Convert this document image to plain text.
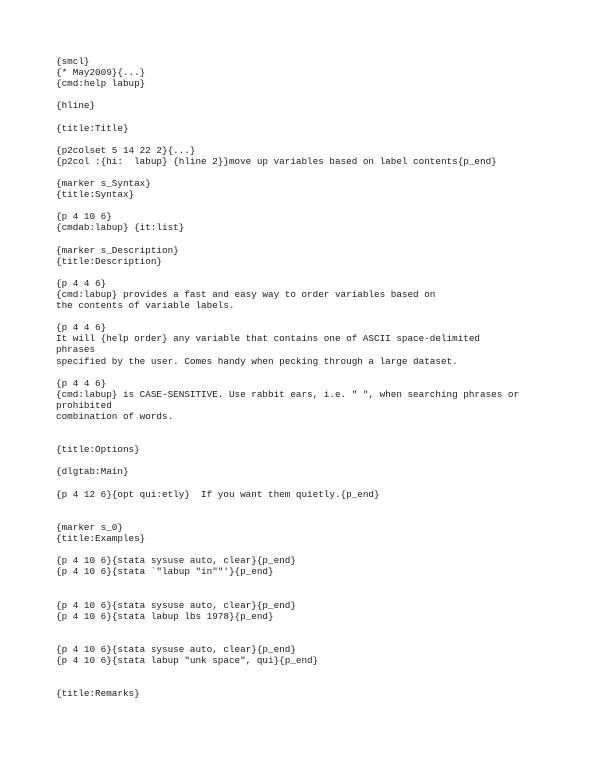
{smcl}
{* May2009}{...}
{cmd:help labup}
{hline}
{title:Title}
{p2colset 5 14 22 2}{...}
{p2col :{hi:  labup} {hline 2}}move up variables based on label contents{p_end}
{marker s_Syntax}
{title:Syntax}
{p 4 10 6}
{cmdab:labup} {it:list}
{marker s_Description}
{title:Description}
{p 4 4 6}
{cmd:labup} provides a fast and easy way to order variables based on
the contents of variable labels.
{p 4 4 6}
It will {help order} any variable that contains one of ASCII space-delimited
phrases
specified by the user. Comes handy when pecking through a large dataset.
{p 4 4 6}
{cmd:labup} is CASE-SENSITIVE. Use rabbit ears, i.e. " ", when searching phrases or
prohibited
combination of words.
{title:Options}
{dlgtab:Main}
{p 4 12 6}{opt qui:etly}  If you want them quietly.{p_end}
{marker s_0}
{title:Examples}
{p 4 10 6}{stata sysuse auto, clear}{p_end}
{p 4 10 6}{stata `"labup "in""'}{p_end}
{p 4 10 6}{stata sysuse auto, clear}{p_end}
{p 4 10 6}{stata labup lbs 1978}{p_end}
{p 4 10 6}{stata sysuse auto, clear}{p_end}
{p 4 10 6}{stata labup "unk space", qui}{p_end}
{title:Remarks}
